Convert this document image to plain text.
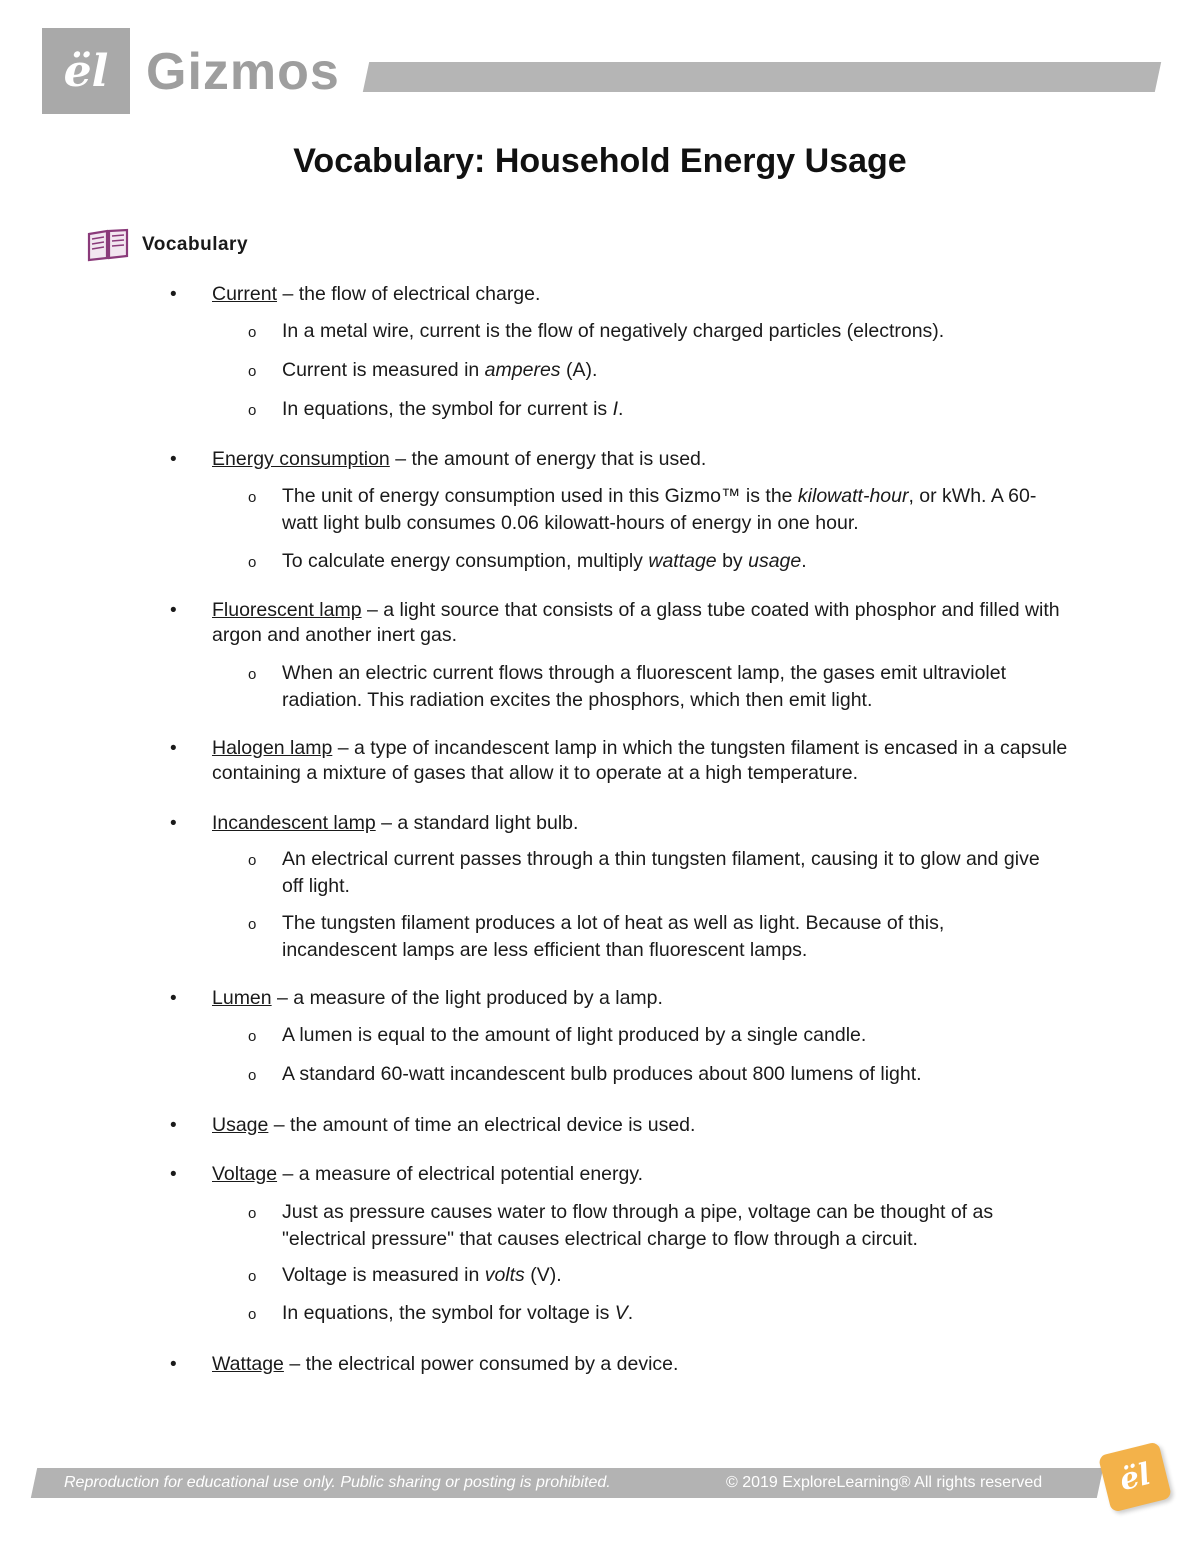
ël Gizmos
Vocabulary: Household Energy Usage
Vocabulary
• Current – the flow of electrical charge.
o In a metal wire, current is the flow of negatively charged particles (electrons).
o Current is measured in amperes (A).
o In equations, the symbol for current is I.
• Energy consumption – the amount of energy that is used.
o The unit of energy consumption used in this Gizmo™ is the kilowatt-hour, or kWh. A 60-watt light bulb consumes 0.06 kilowatt-hours of energy in one hour.
o To calculate energy consumption, multiply wattage by usage.
• Fluorescent lamp – a light source that consists of a glass tube coated with phosphor and filled with argon and another inert gas.
o When an electric current flows through a fluorescent lamp, the gases emit ultraviolet radiation. This radiation excites the phosphors, which then emit light.
• Halogen lamp – a type of incandescent lamp in which the tungsten filament is encased in a capsule containing a mixture of gases that allow it to operate at a high temperature.
• Incandescent lamp – a standard light bulb.
o An electrical current passes through a thin tungsten filament, causing it to glow and give off light.
o The tungsten filament produces a lot of heat as well as light. Because of this, incandescent lamps are less efficient than fluorescent lamps.
• Lumen – a measure of the light produced by a lamp.
o A lumen is equal to the amount of light produced by a single candle.
o A standard 60-watt incandescent bulb produces about 800 lumens of light.
• Usage – the amount of time an electrical device is used.
• Voltage – a measure of electrical potential energy.
o Just as pressure causes water to flow through a pipe, voltage can be thought of as "electrical pressure" that causes electrical charge to flow through a circuit.
o Voltage is measured in volts (V).
o In equations, the symbol for voltage is V.
• Wattage – the electrical power consumed by a device.
Reproduction for educational use only. Public sharing or posting is prohibited.	© 2019 ExploreLearning® All rights reserved	ël
